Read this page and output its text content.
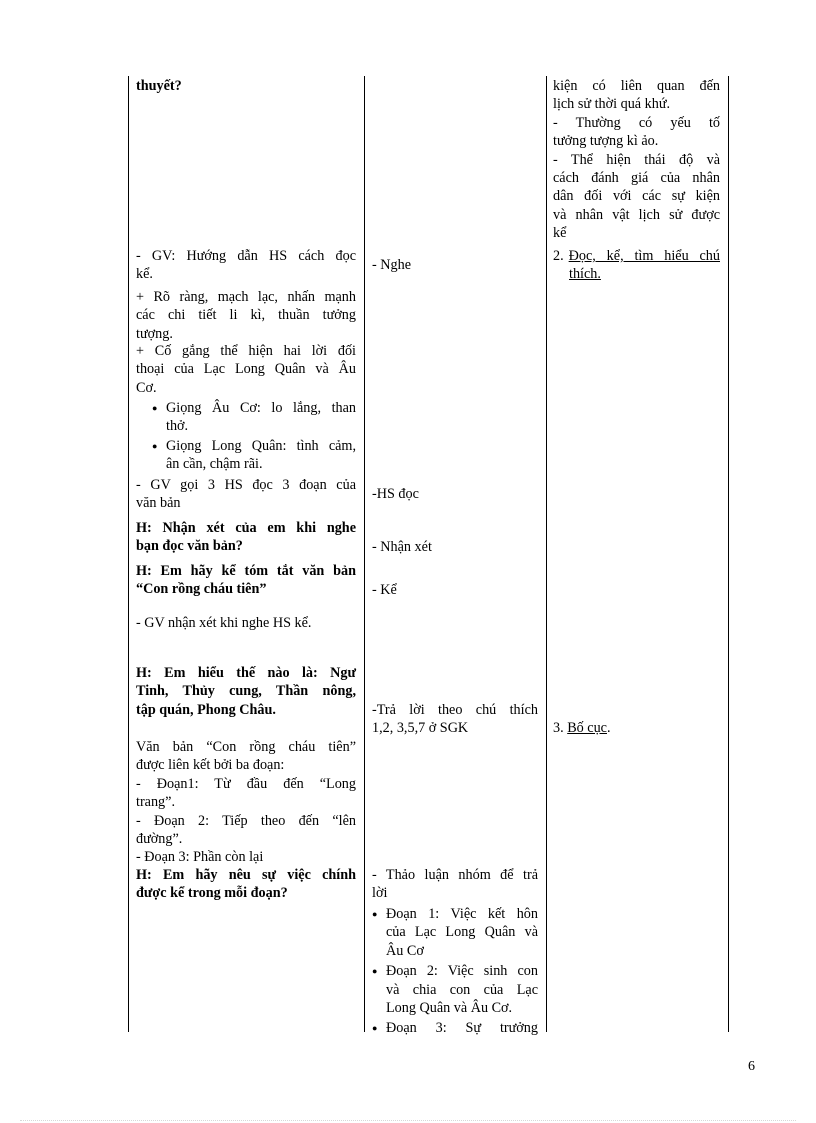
thuyết?
- GV: Hướng dẫn HS cách đọc
kể.
+ Rõ ràng, mạch lạc, nhấn mạnh
các chi tiết li kì, thuần tưởng
tượng.
+ Cố gắng thể hiện hai lời đối
thoại của Lạc Long Quân và Âu
Cơ.
● Giọng Âu Cơ: lo lắng, than
thở.
● Giọng Long Quân: tình cảm,
ân cần, chậm rãi.
- GV gọi 3 HS đọc 3 đoạn của
văn bản
H: Nhận xét của em khi nghe
bạn đọc văn bản?
H: Em hãy kể tóm tắt văn bản
“Con rồng cháu tiên”
- GV nhận xét khi nghe HS kể.
H: Em hiểu thế nào là: Ngư
Tinh, Thủy cung, Thần nông,
tập quán, Phong Châu.
Văn bản “Con rồng cháu tiên”
được liên kết bởi ba đoạn:
- Đoạn1: Từ đầu đến “Long
trang”.
- Đoạn 2: Tiếp theo đến “lên
đường”.
- Đoạn 3: Phần còn lại
H: Em hãy nêu sự việc chính
được kể trong mỗi đoạn?
- Nghe
-HS đọc
- Nhận xét
- Kể
-Trả lời theo chú thích
1,2, 3,5,7 ở SGK
- Thảo luận nhóm để trả
lời
● Đoạn 1: Việc kết hôn
của Lạc Long Quân và
Âu Cơ
● Đoạn 2: Việc sinh con
và chia con của Lạc
Long Quân và Âu Cơ.
● Đoạn 3: Sự trưởng
kiện có liên quan đến
lịch sử thời quá khứ.
- Thường có yếu tố
tưởng tượng kì ảo.
- Thể hiện thái độ và
cách đánh giá của nhân
dân đối với các sự kiện
và nhân vật lịch sử được
kể
2. Đọc, kể, tìm hiểu chú
thích.
3. Bố cục.
6
